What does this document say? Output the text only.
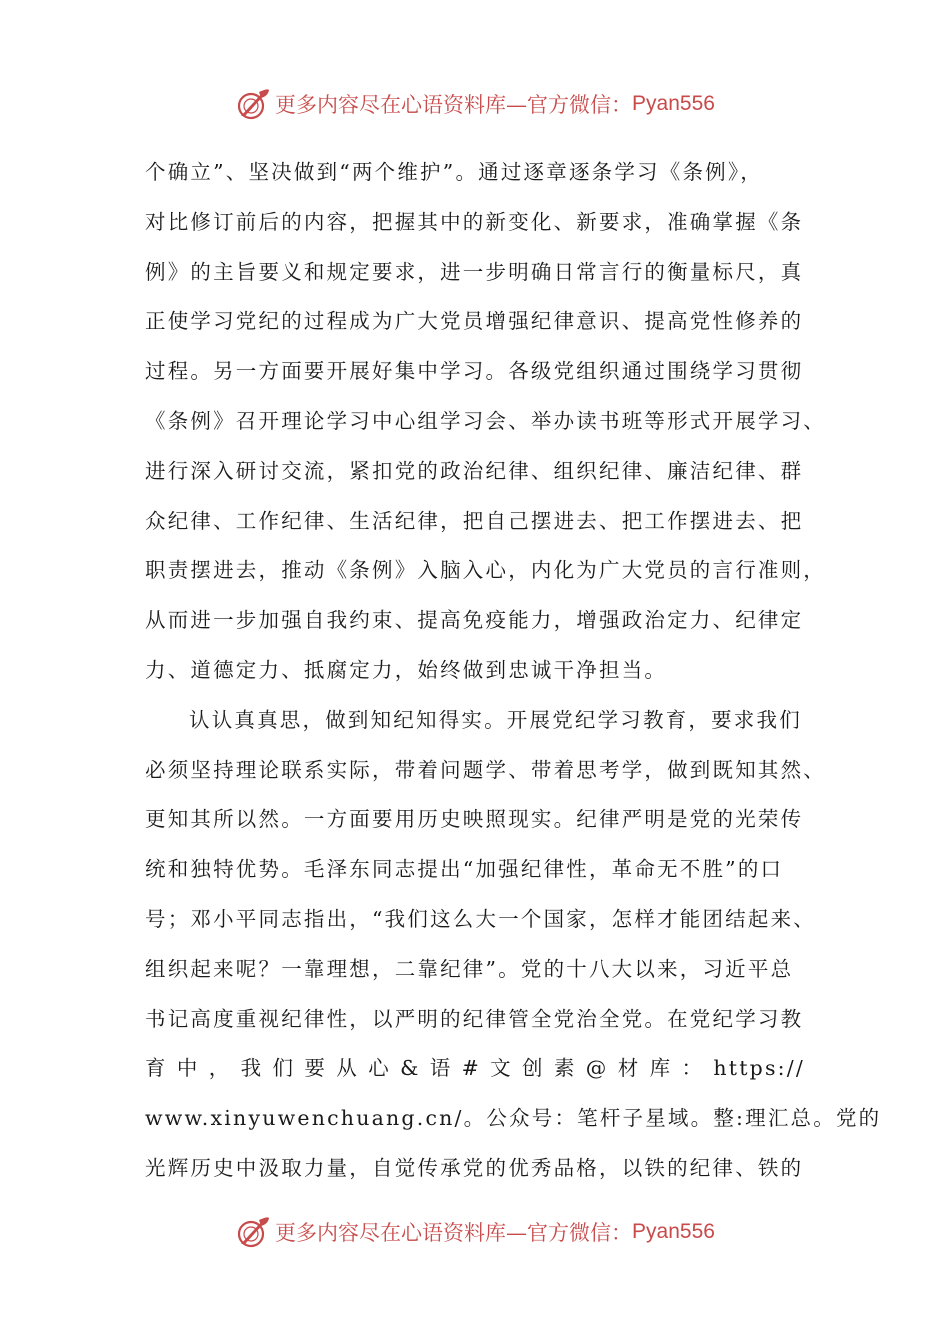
更多内容尽在心语资料库—官方微信： Pyan556
个确立”、坚决做到“两个维护”。通过逐章逐条学习《条例》，
对比修订前后的内容，把握其中的新变化、新要求，准确掌握《条
例》的主旨要义和规定要求，进一步明确日常言行的衡量标尺，真
正使学习党纪的过程成为广大党员增强纪律意识、提高党性修养的
过程。另一方面要开展好集中学习。各级党组织通过围绕学习贯彻
《条例》召开理论学习中心组学习会、举办读书班等形式开展学习、
进行深入研讨交流，紧扣党的政治纪律、组织纪律、廉洁纪律、群
众纪律、工作纪律、生活纪律，把自己摆进去、把工作摆进去、把
职责摆进去，推动《条例》入脑入心，内化为广大党员的言行准则，
从而进一步加强自我约束、提高免疫能力，增强政治定力、纪律定
力、道德定力、抵腐定力，始终做到忠诚干净担当。
认认真真思，做到知纪知得实。开展党纪学习教育，要求我们
必须坚持理论联系实际，带着问题学、带着思考学，做到既知其然、
更知其所以然。一方面要用历史映照现实。纪律严明是党的光荣传
统和独特优势。毛泽东同志提出“加强纪律性，革命无不胜”的口
号；邓小平同志指出，“我们这么大一个国家，怎样才能团结起来、
组织起来呢？一靠理想，二靠纪律”。党的十八大以来，习近平总
书记高度重视纪律性，以严明的纪律管全党治全党。在党纪学习教
育中，我们要从心&语#文创素@材库：https://
www.xinyuwenchuang.cn/。公众号：笔杆子星域。整:理汇总。党的
光辉历史中汲取力量，自觉传承党的优秀品格，以铁的纪律、铁的
更多内容尽在心语资料库—官方微信： Pyan556
